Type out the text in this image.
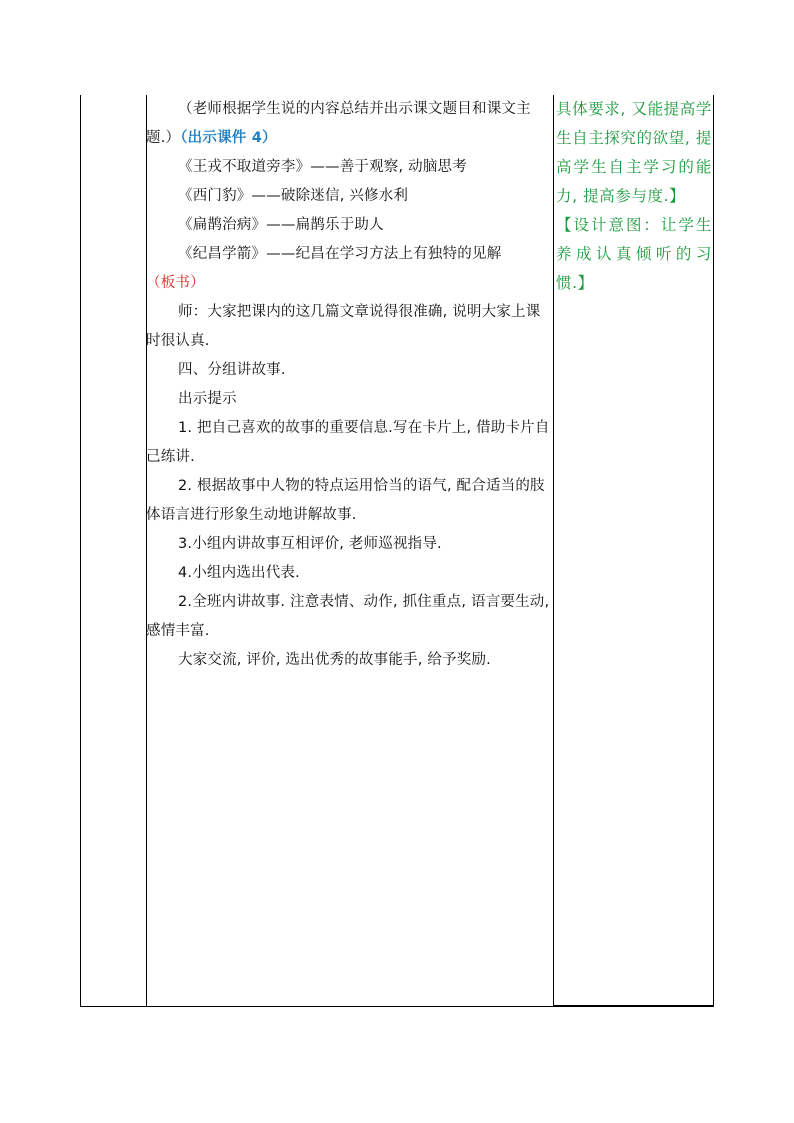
（老师根据学生说的内容总结并出示课文题目和课文主题.）（出示课件 4）

《王戎不取道旁李》——善于观察, 动脑思考

《西门豹》——破除迷信, 兴修水利

《扁鹊治病》——扁鹊乐于助人

《纪昌学箭》——纪昌在学习方法上有独特的见解（板书）

师：大家把课内的这几篇文章说得很准确, 说明大家上课时很认真.

四、分组讲故事.

出示提示

1. 把自己喜欢的故事的重要信息.写在卡片上, 借助卡片自己练讲.

2. 根据故事中人物的特点运用恰当的语气, 配合适当的肢体语言进行形象生动地讲解故事.

3.小组内讲故事互相评价, 老师巡视指导.

4.小组内选出代表.

2.全班内讲故事. 注意表情、动作, 抓住重点, 语言要生动, 感情丰富.

大家交流, 评价, 选出优秀的故事能手, 给予奖励.

具体要求, 又能提高学生自主探究的欲望, 提高学生自主学习的能力, 提高参与度.】

【设计意图：让学生养成认真倾听的习惯.】
